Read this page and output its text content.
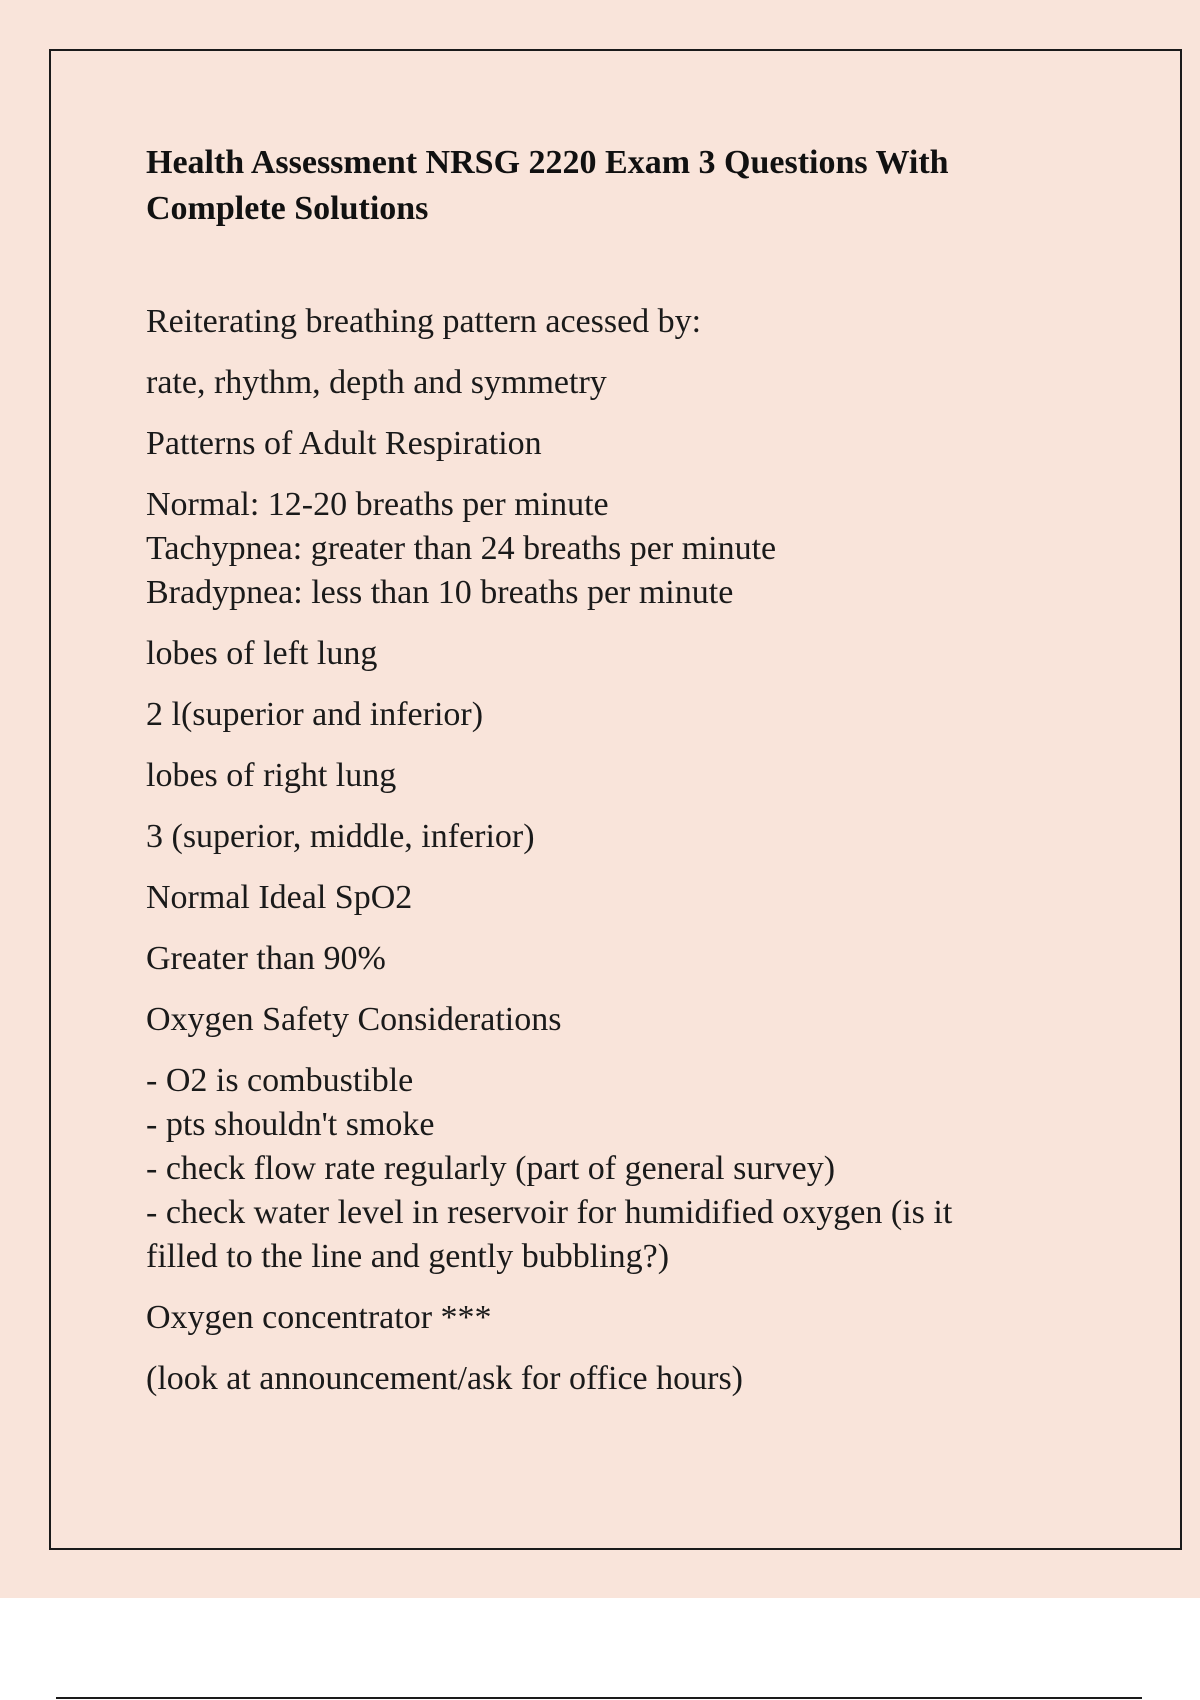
Health Assessment NRSG 2220 Exam 3 Questions With Complete Solutions

Reiterating breathing pattern acessed by:

rate, rhythm, depth and symmetry

Patterns of Adult Respiration

Normal: 12-20 breaths per minute
Tachypnea: greater than 24 breaths per minute
Bradypnea: less than 10 breaths per minute

lobes of left lung

2 l(superior and inferior)

lobes of right lung

3 (superior, middle, inferior)

Normal Ideal SpO2

Greater than 90%

Oxygen Safety Considerations

- O2 is combustible
- pts shouldn't smoke
- check flow rate regularly (part of general survey)
- check water level in reservoir for humidified oxygen (is it
filled to the line and gently bubbling?)

Oxygen concentrator ***

(look at announcement/ask for office hours)
